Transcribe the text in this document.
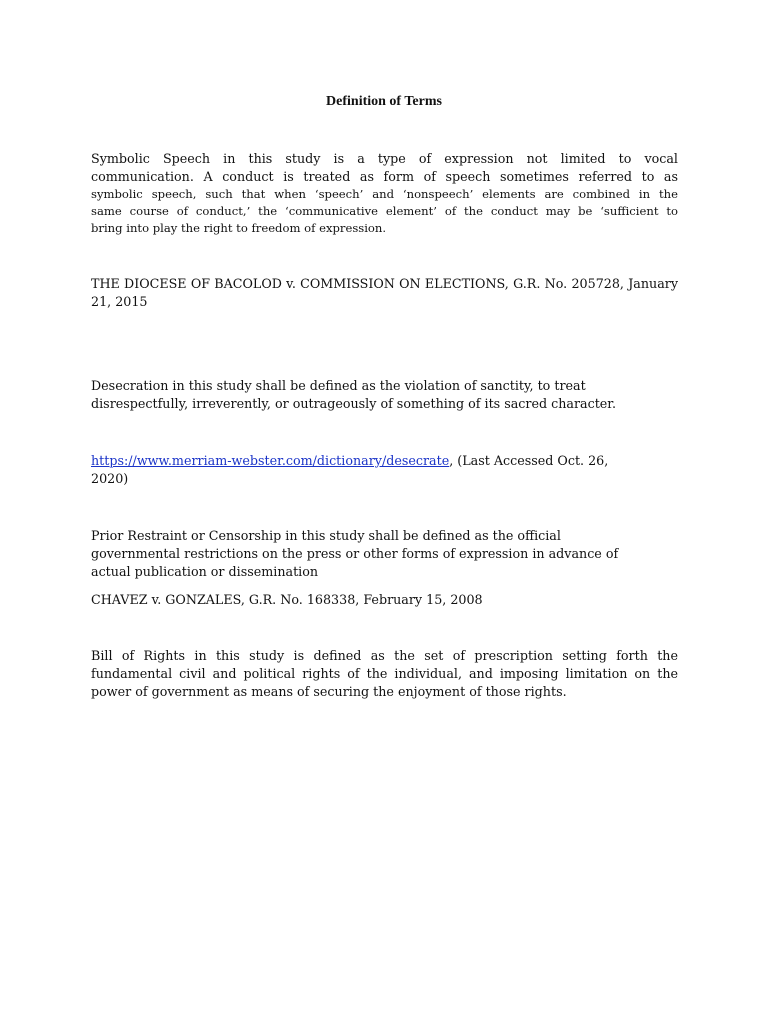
Definition of Terms
Symbolic Speech in this study is a type of expression not limited to vocal
communication. A conduct is treated as form of speech sometimes referred to as
symbolic speech, such that when ‘speech’ and ‘nonspeech’ elements are combined in the
same course of conduct,’ the ‘communicative element’ of the conduct may be ‘sufficient to
bring into play the right to freedom of expression.
THE DIOCESE OF BACOLOD v. COMMISSION ON ELECTIONS, G.R. No. 205728, January
21, 2015
Desecration in this study shall be defined as the violation of sanctity, to treat
disrespectfully, irreverently, or outrageously of something of its sacred character.
https://www.merriam-webster.com/dictionary/desecrate, (Last Accessed Oct. 26,
2020)
Prior Restraint or Censorship in this study shall be defined as the official
governmental restrictions on the press or other forms of expression in advance of
actual publication or dissemination
CHAVEZ v. GONZALES, G.R. No. 168338, February 15, 2008
Bill of Rights in this study is defined as the set of prescription setting forth the
fundamental civil and political rights of the individual, and imposing limitation on the
power of government as means of securing the enjoyment of those rights.
